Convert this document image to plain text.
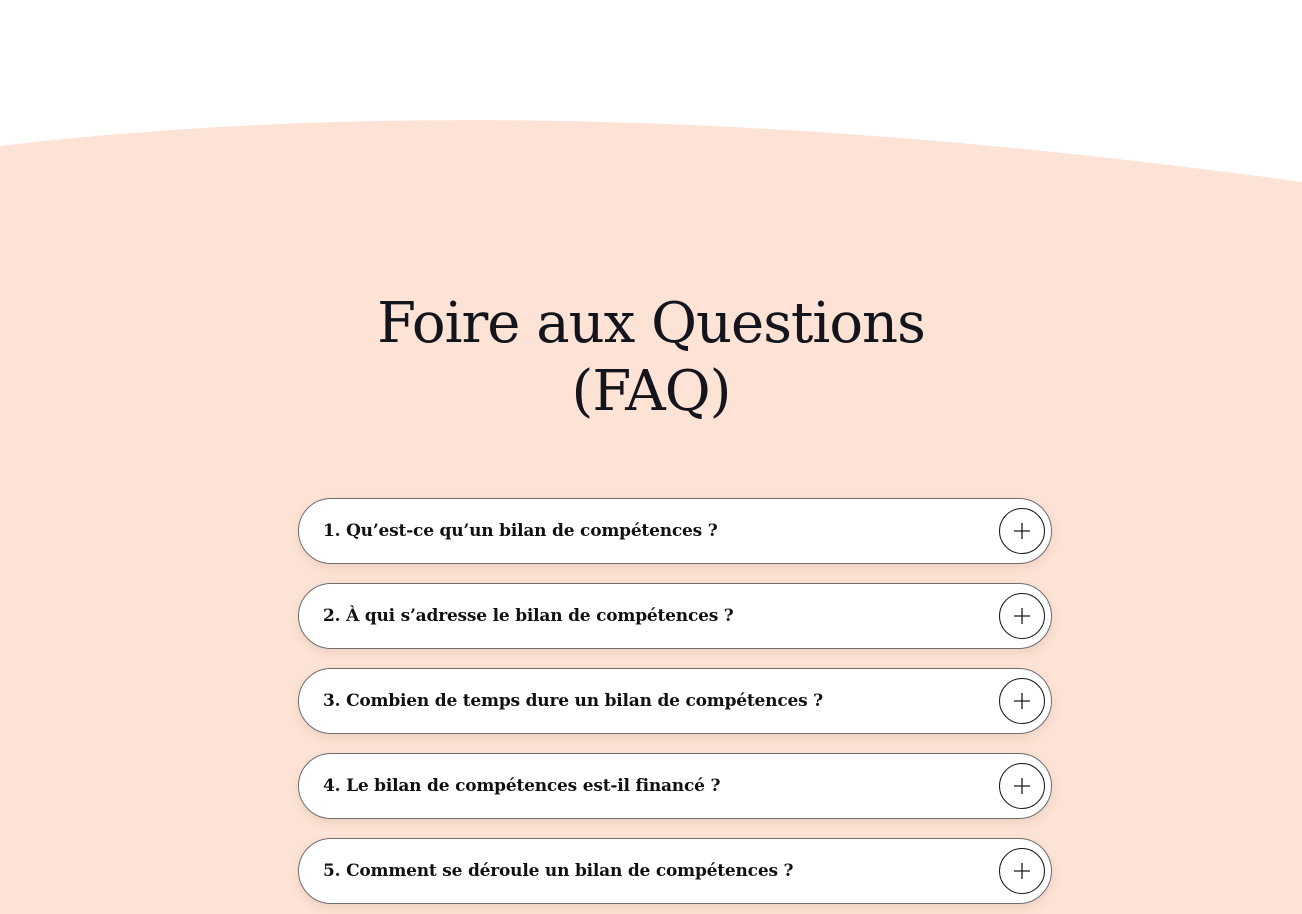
Foire aux Questions
(FAQ)
1. Qu’est-ce qu’un bilan de compétences ?
2. À qui s’adresse le bilan de compétences ?
3. Combien de temps dure un bilan de compétences ?
4. Le bilan de compétences est-il financé ?
5. Comment se déroule un bilan de compétences ?
